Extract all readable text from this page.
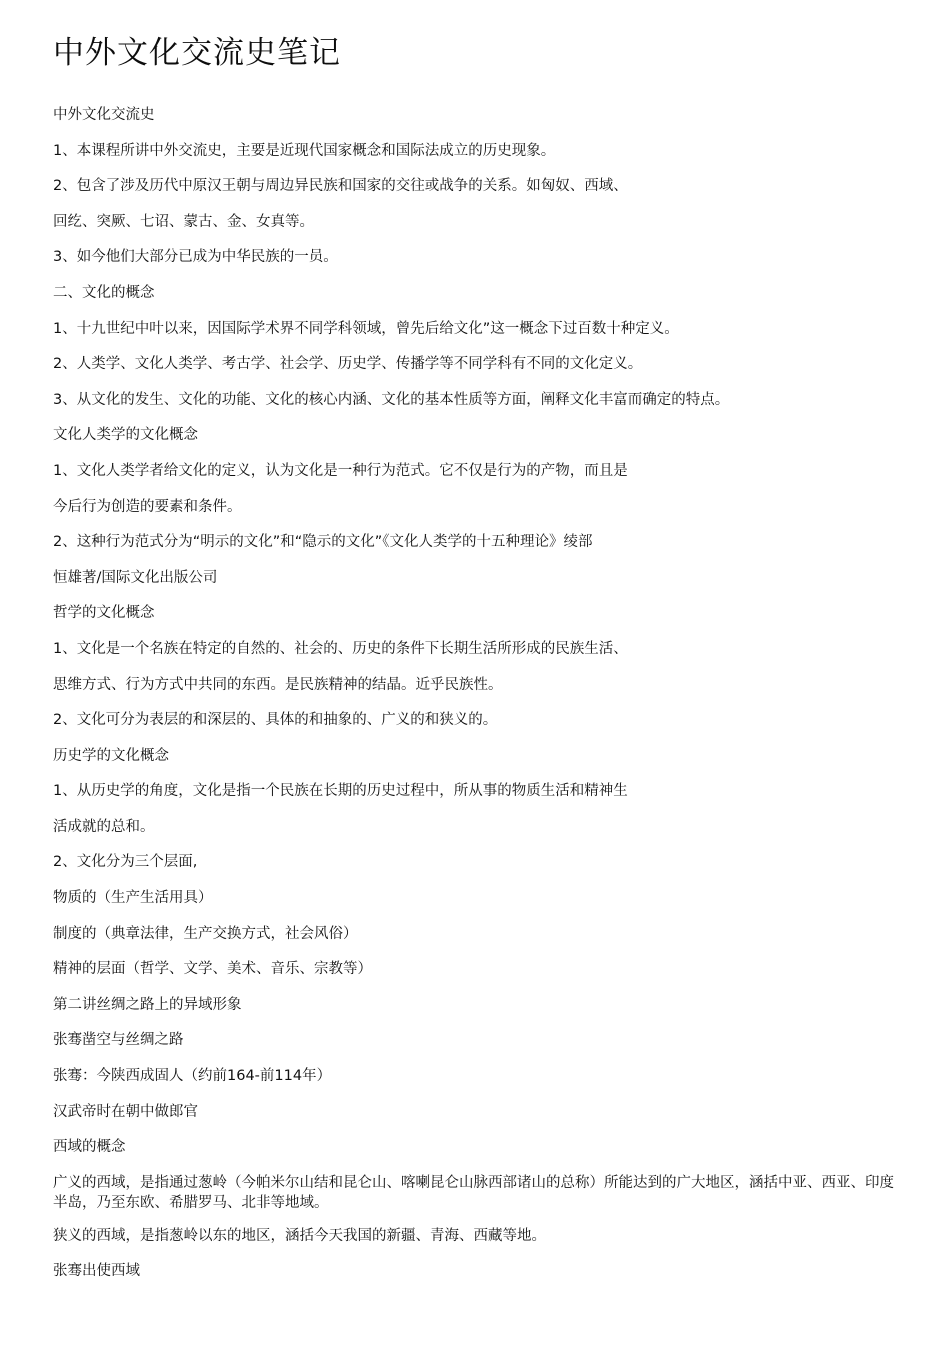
中外文化交流史笔记

中外文化交流史

1、本课程所讲中外交流史，主要是近现代国家概念和国际法成立的历史现象。

2、包含了涉及历代中原汉王朝与周边异民族和国家的交往或战争的关系。如匈奴、西域、

回纥、突厥、七诏、蒙古、金、女真等。

3、如今他们大部分已成为中华民族的一员。

二、文化的概念

1、十九世纪中叶以来，因国际学术界不同学科领域，曾先后给文化”这一概念下过百数十种定义。

2、人类学、文化人类学、考古学、社会学、历史学、传播学等不同学科有不同的文化定义。

3、从文化的发生、文化的功能、文化的核心内涵、文化的基本性质等方面，阐释文化丰富而确定的特点。

文化人类学的文化概念

1、文化人类学者给文化的定义，认为文化是一种行为范式。它不仅是行为的产物，而且是

今后行为创造的要素和条件。

2、这种行为范式分为“明示的文化”和“隐示的文化”《文化人类学的十五种理论》绫部

恒雄著/国际文化出版公司

哲学的文化概念

1、文化是一个名族在特定的自然的、社会的、历史的条件下长期生活所形成的民族生活、

思维方式、行为方式中共同的东西。是民族精神的结晶。近乎民族性。

2、文化可分为表层的和深层的、具体的和抽象的、广义的和狭义的。

历史学的文化概念

1、从历史学的角度，文化是指一个民族在长期的历史过程中，所从事的物质生活和精神生

活成就的总和。

2、文化分为三个层面,

物质的（生产生活用具）

制度的（典章法律，生产交换方式，社会风俗）

精神的层面（哲学、文学、美术、音乐、宗教等）

第二讲丝绸之路上的异域形象

张骞凿空与丝绸之路

张骞：今陕西成固人（约前164-前114年）

汉武帝时在朝中做郎官

西域的概念

广义的西域，是指通过葱岭（今帕米尔山结和昆仑山、喀喇昆仑山脉西部诸山的总称）所能达到的广大地区，涵括中亚、西亚、印度半岛，乃至东欧、希腊罗马、北非等地域。

狭义的西域，是指葱岭以东的地区，涵括今天我国的新疆、青海、西藏等地。

张骞出使西域
